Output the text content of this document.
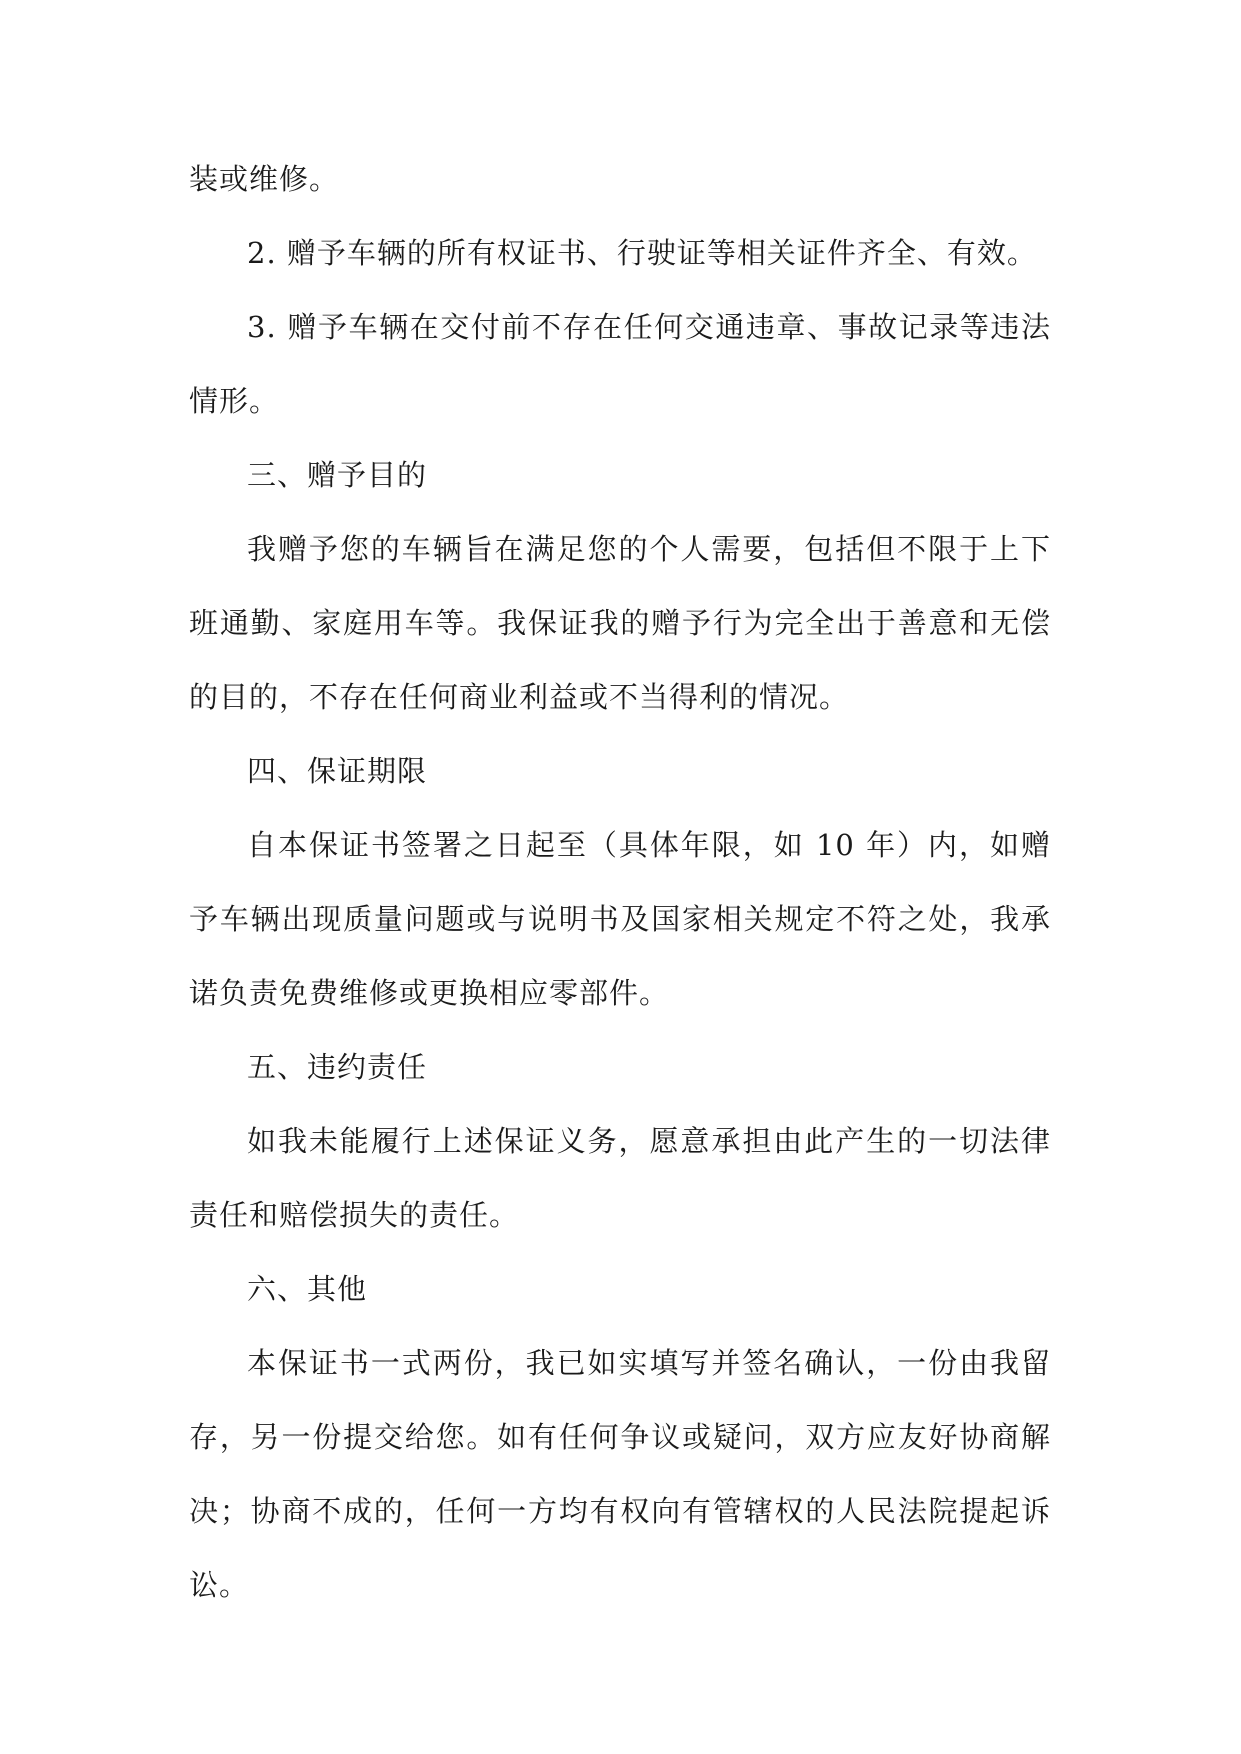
装或维修。

2. 赠予车辆的所有权证书、行驶证等相关证件齐全、有效。

3. 赠予车辆在交付前不存在任何交通违章、事故记录等违法情形。

三、赠予目的

我赠予您的车辆旨在满足您的个人需要，包括但不限于上下班通勤、家庭用车等。我保证我的赠予行为完全出于善意和无偿的目的，不存在任何商业利益或不当得利的情况。

四、保证期限

自本保证书签署之日起至（具体年限，如 10 年）内，如赠予车辆出现质量问题或与说明书及国家相关规定不符之处，我承诺负责免费维修或更换相应零部件。

五、违约责任

如我未能履行上述保证义务，愿意承担由此产生的一切法律责任和赔偿损失的责任。

六、其他

本保证书一式两份，我已如实填写并签名确认，一份由我留存，另一份提交给您。如有任何争议或疑问，双方应友好协商解决；协商不成的，任何一方均有权向有管辖权的人民法院提起诉讼。
